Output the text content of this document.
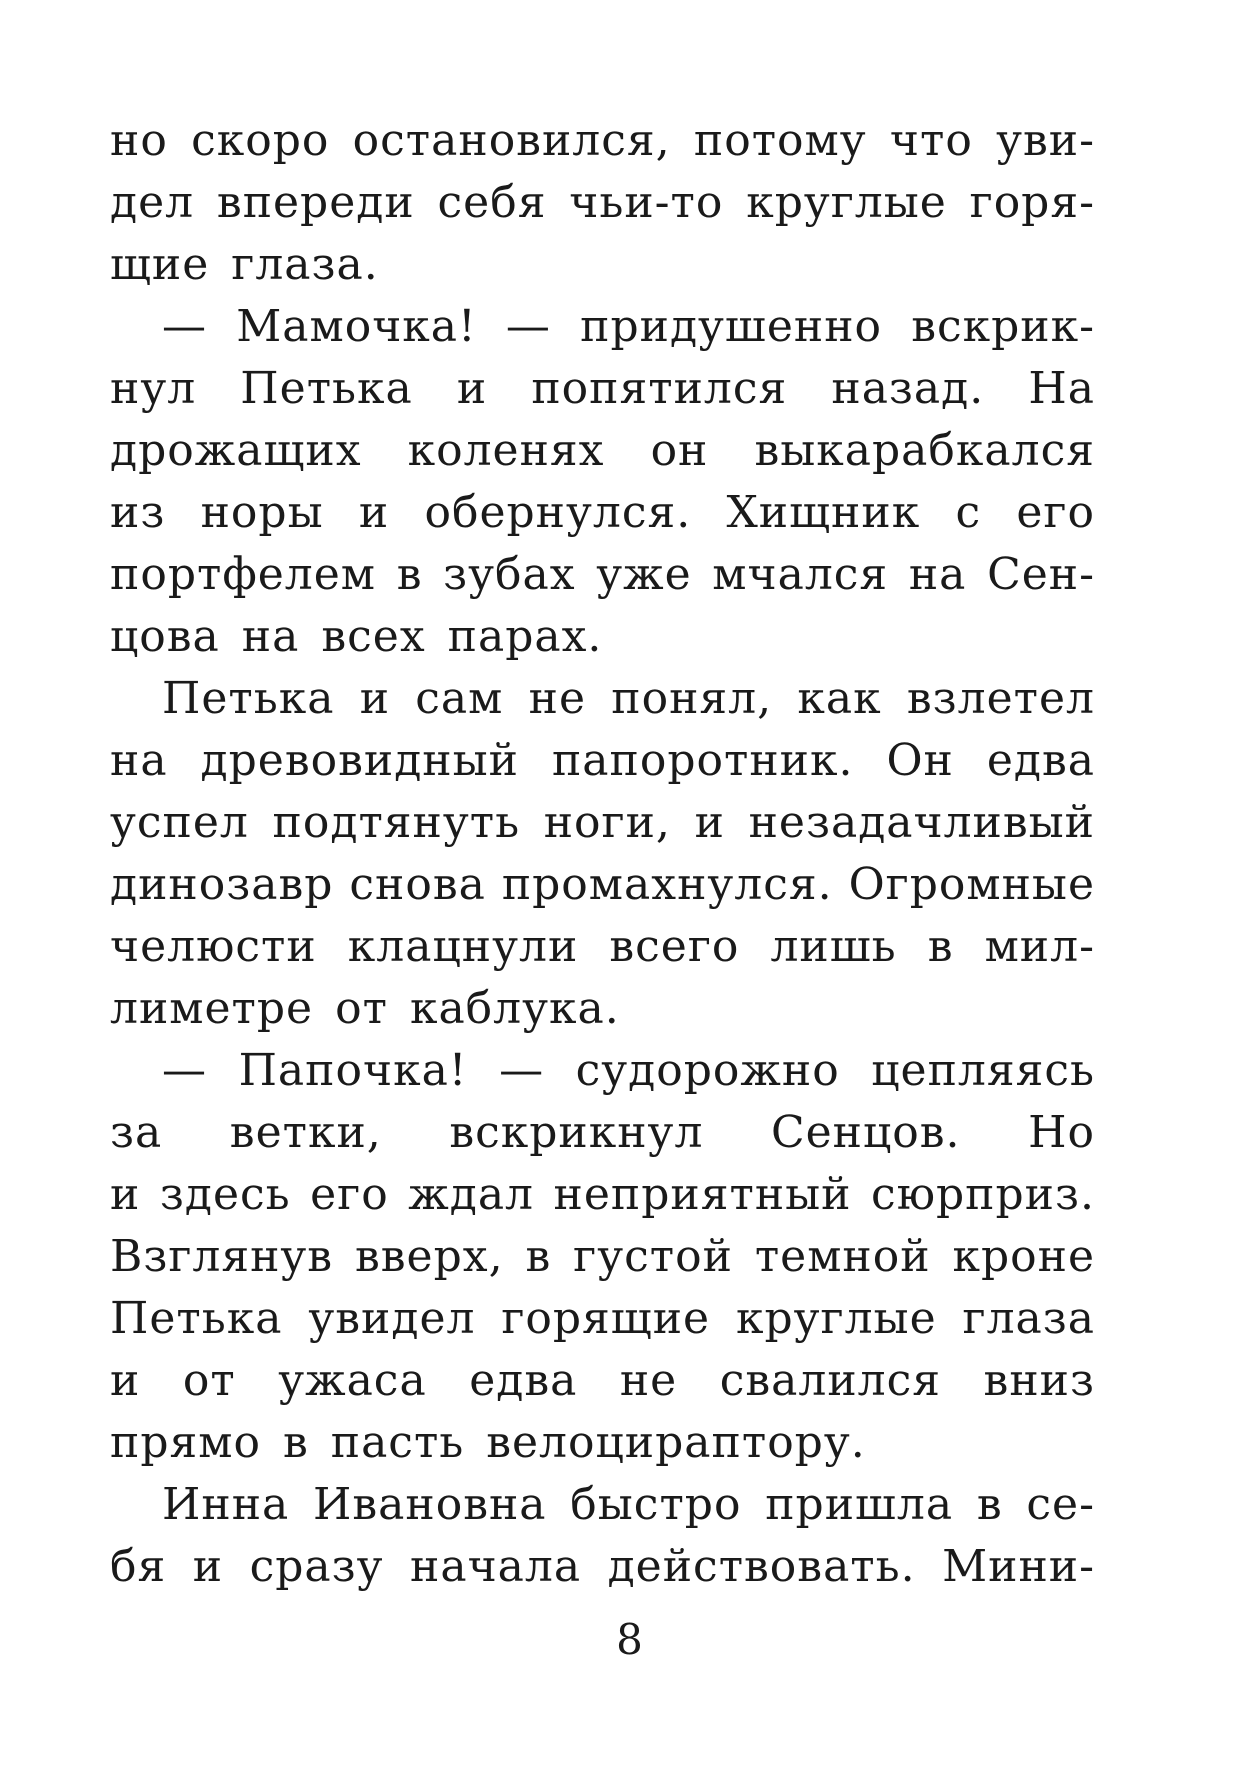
но скоро остановился, потому что уви-
дел впереди себя чьи-то круглые горя-
щие глаза.
— Мамочка! — придушенно вскрик-
нул Петька и попятился назад. На
дрожащих коленях он выкарабкался
из норы и обернулся. Хищник с его
портфелем в зубах уже мчался на Сен-
цова на всех парах.
Петька и сам не понял, как взлетел
на древовидный папоротник. Он едва
успел подтянуть ноги, и незадачливый
динозавр снова промахнулся. Огромные
челюсти клацнули всего лишь в мил-
лиметре от каблука.
— Папочка! — судорожно цепляясь
за ветки, вскрикнул Сенцов. Но
и здесь его ждал неприятный сюрприз.
Взглянув вверх, в густой темной кроне
Петька увидел горящие круглые глаза
и от ужаса едва не свалился вниз
прямо в пасть велоцираптору.
Инна Ивановна быстро пришла в се-
бя и сразу начала действовать. Мини-
8
